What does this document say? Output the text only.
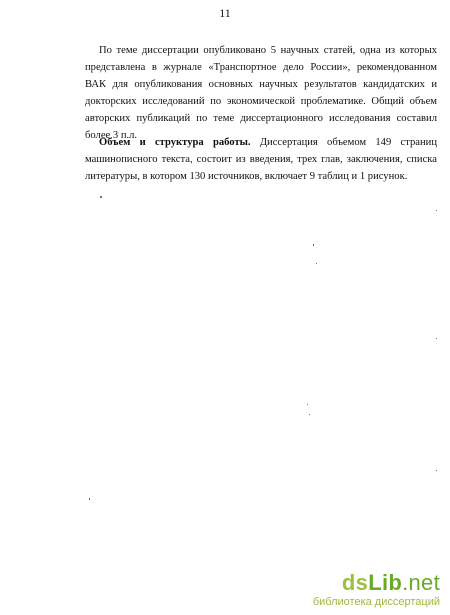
11

По теме диссертации опубликовано 5 научных статей, одна из которых представлена в журнале «Транспортное дело России», рекомендованном ВАК для опубликования основных научных результатов кандидатских и докторских исследований по экономической проблематике. Общий объем авторских публикаций по теме диссертационного исследования составил более 3 п.л.

Объем и структура работы. Диссертация объемом 149 страниц машинописного текста, состоит из введения, трех глав, заключения, списка литературы, в котором 130 источников, включает 9 таблиц и 1 рисунок.

dsLib.net
библиотека диссертаций
